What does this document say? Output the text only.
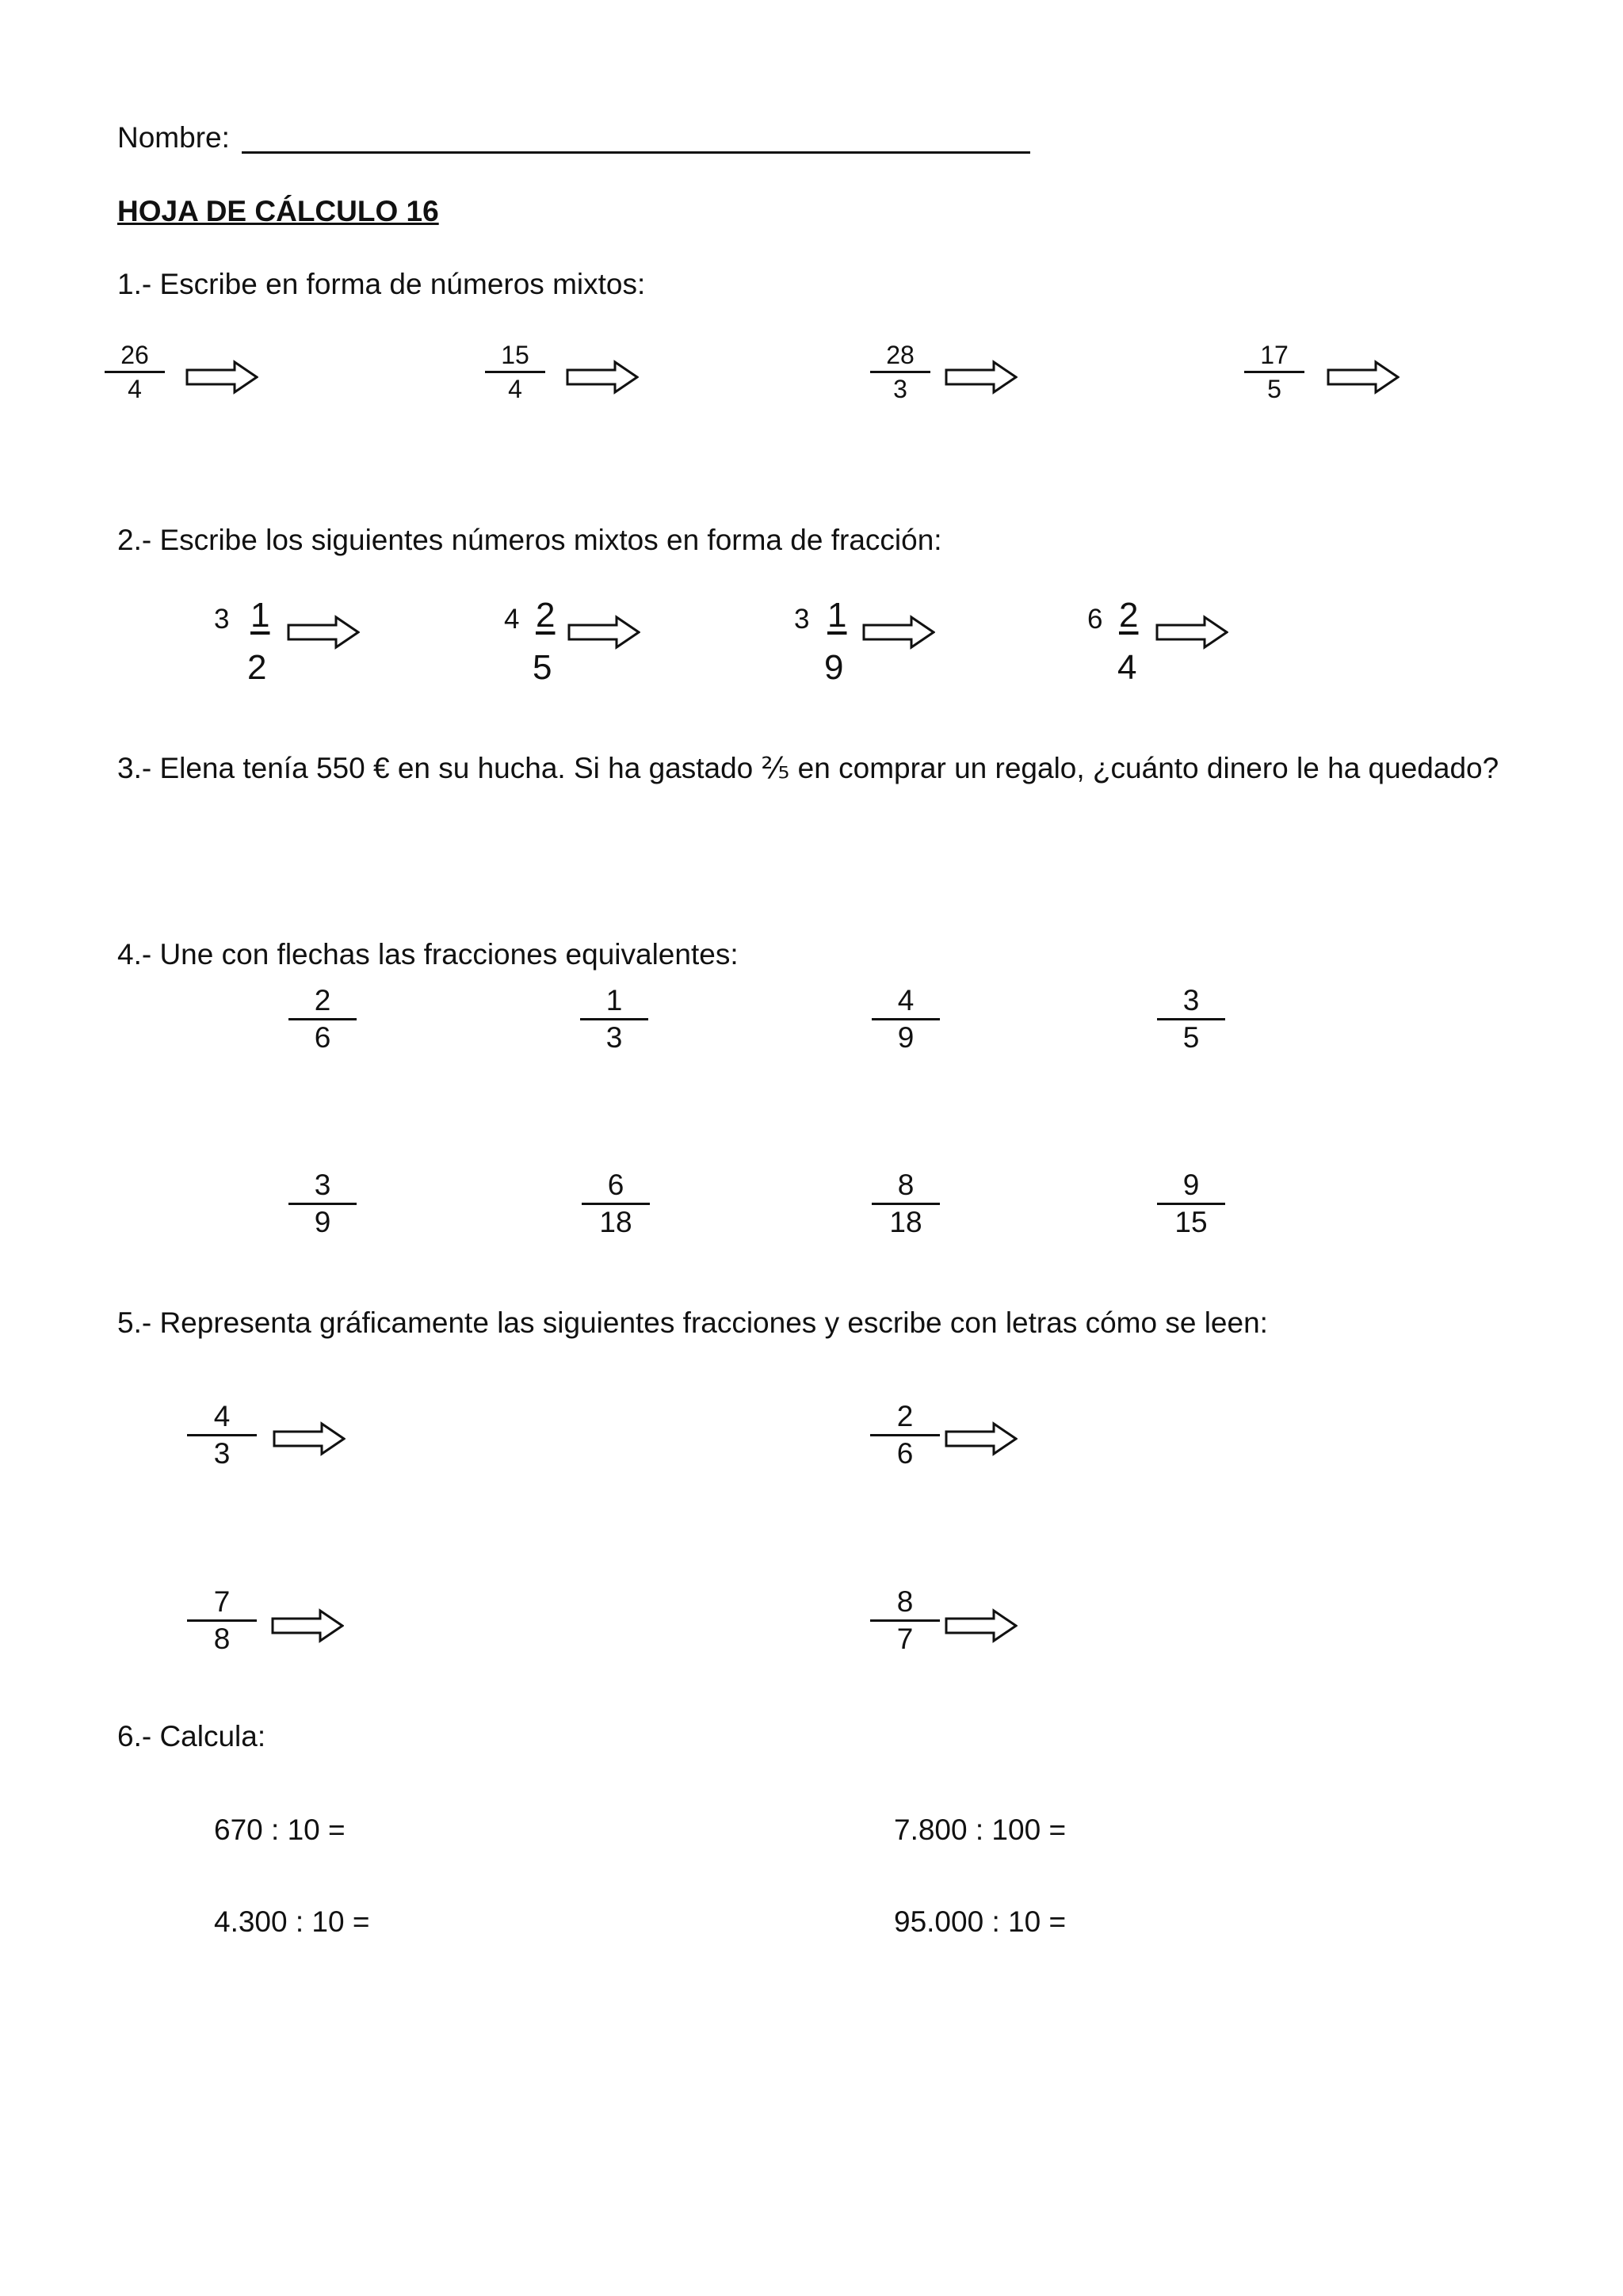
Nombre:
HOJA DE CÁLCULO 16
1.- Escribe en forma de números mixtos:
26
4
15
4
28
3
17
5
2.- Escribe los siguientes números mixtos en forma de fracción:
3 1
2
4 2
5
3 1
9
6 2
4
3.- Elena tenía 550 € en su hucha. Si ha gastado ⅖ en comprar un regalo, ¿cuánto dinero le ha quedado?
4.- Une con flechas las fracciones equivalentes:
2
6
1
3
4
9
3
5
3
9
6
18
8
18
9
15
5.- Representa gráficamente las siguientes fracciones y escribe con letras cómo se leen:
4
3
2
6
7
8
8
7
6.- Calcula:
670 : 10 =	7.800 : 100 =
4.300 : 10 =	95.000 : 10 =
